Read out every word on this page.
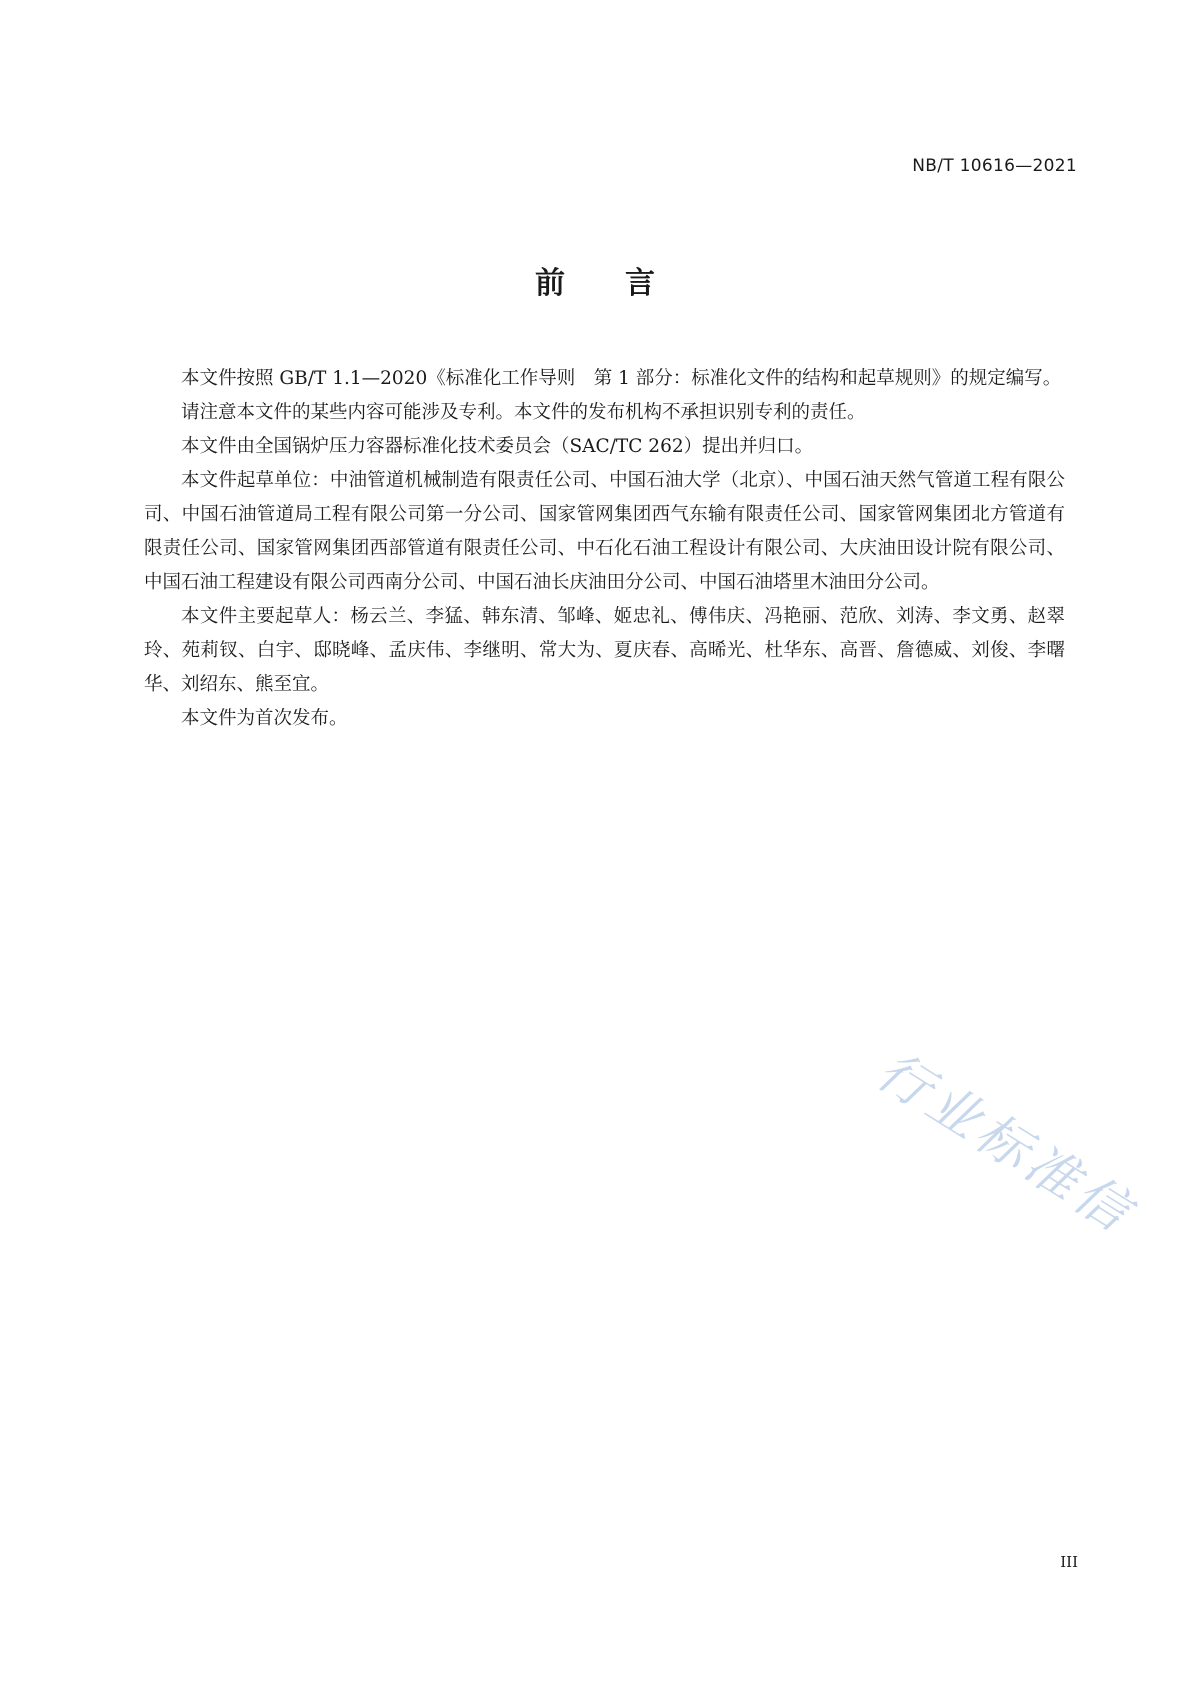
NB/T 10616—2021
前言

本文件按照 GB/T 1.1—2020《标准化工作导则　第 1 部分：标准化文件的结构和起草规则》的规定编写。

请注意本文件的某些内容可能涉及专利。本文件的发布机构不承担识别专利的责任。

本文件由全国锅炉压力容器标准化技术委员会（SAC/TC 262）提出并归口。

本文件起草单位：中油管道机械制造有限责任公司、中国石油大学（北京）、中国石油天然气管道工程有限公司、中国石油管道局工程有限公司第一分公司、国家管网集团西气东输有限责任公司、国家管网集团北方管道有限责任公司、国家管网集团西部管道有限责任公司、中石化石油工程设计有限公司、大庆油田设计院有限公司、中国石油工程建设有限公司西南分公司、中国石油长庆油田分公司、中国石油塔里木油田分公司。

本文件主要起草人：杨云兰、李猛、韩东清、邹峰、姬忠礼、傅伟庆、冯艳丽、范欣、刘涛、李文勇、赵翠玲、苑莉钗、白宇、邸晓峰、孟庆伟、李继明、常大为、夏庆春、高晞光、杜华东、高晋、詹德威、刘俊、李曙华、刘绍东、熊至宜。

本文件为首次发布。

行业标准信
III
